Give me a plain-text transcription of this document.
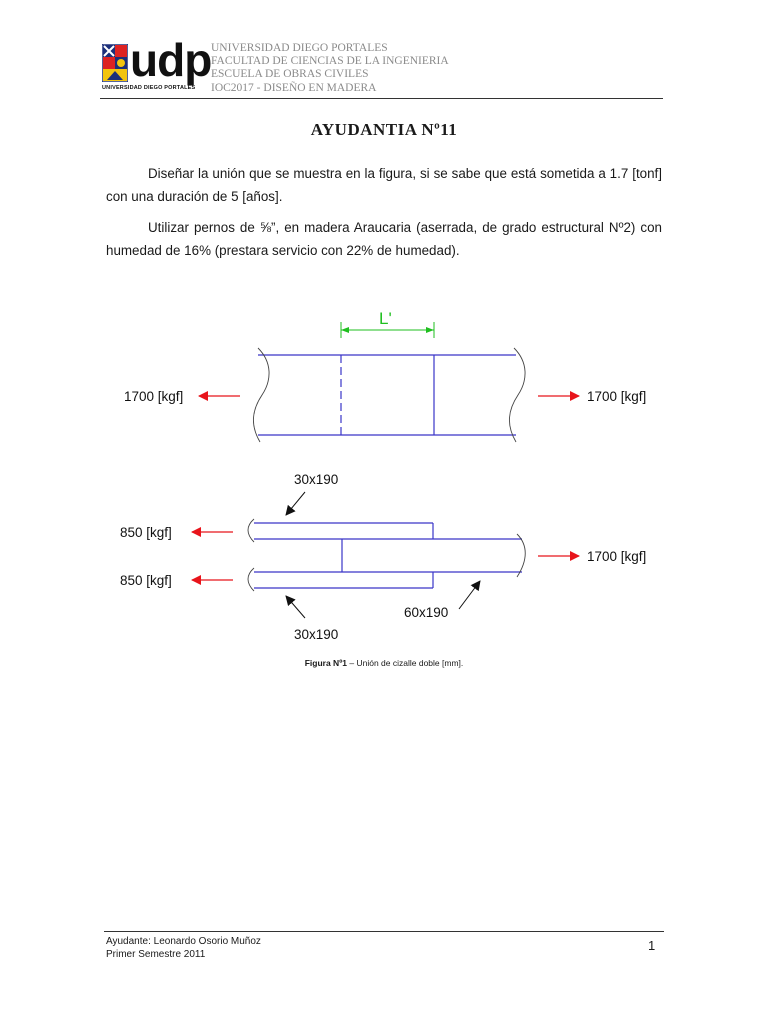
udp
UNIVERSIDAD DIEGO PORTALES
UNIVERSIDAD DIEGO PORTALES
FACULTAD DE CIENCIAS DE LA INGENIERIA
ESCUELA DE OBRAS CIVILES
IOC2017 - DISEÑO EN MADERA
AYUDANTIA Nº11
Diseñar la unión que se muestra en la figura, si se sabe que está sometida a 1.7 [tonf] con una duración de 5 [años].
Utilizar pernos de ⅝”, en madera Araucaria (aserrada, de grado estructural Nº2) con humedad de 16% (prestara servicio con 22% de humedad).
L'
1700 [kgf]	1700 [kgf]
850 [kgf]
850 [kgf]
1700 [kgf]
30x190
30x190
60x190
Figura Nº1 – Unión de cizalle doble [mm].
Ayudante: Leonardo Osorio Muñoz
Primer Semestre 2011
1
